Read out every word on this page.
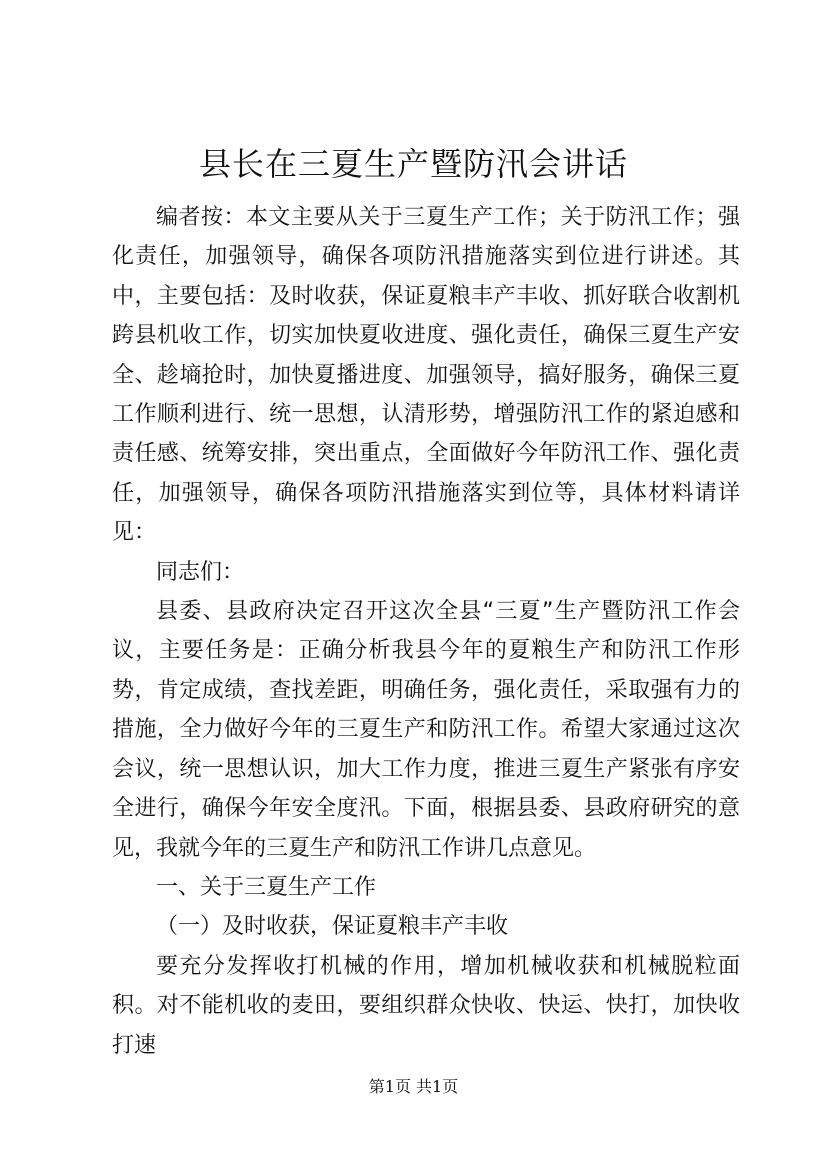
县长在三夏生产暨防汛会讲话

编者按：本文主要从关于三夏生产工作；关于防汛工作；强化责任，加强领导，确保各项防汛措施落实到位进行讲述。其中，主要包括：及时收获，保证夏粮丰产丰收、抓好联合收割机跨县机收工作，切实加快夏收进度、强化责任，确保三夏生产安全、趁墒抢时，加快夏播进度、加强领导，搞好服务，确保三夏工作顺利进行、统一思想，认清形势，增强防汛工作的紧迫感和责任感、统筹安排，突出重点，全面做好今年防汛工作、强化责任，加强领导，确保各项防汛措施落实到位等，具体材料请详见：

同志们：

县委、县政府决定召开这次全县“三夏”生产暨防汛工作会议，主要任务是：正确分析我县今年的夏粮生产和防汛工作形势，肯定成绩，查找差距，明确任务，强化责任，采取强有力的措施，全力做好今年的三夏生产和防汛工作。希望大家通过这次会议，统一思想认识，加大工作力度，推进三夏生产紧张有序安全进行，确保今年安全度汛。下面，根据县委、县政府研究的意见，我就今年的三夏生产和防汛工作讲几点意见。

一、关于三夏生产工作

（一）及时收获，保证夏粮丰产丰收

要充分发挥收打机械的作用，增加机械收获和机械脱粒面积。对不能机收的麦田，要组织群众快收、快运、快打，加快收打速

第1页 共1页
